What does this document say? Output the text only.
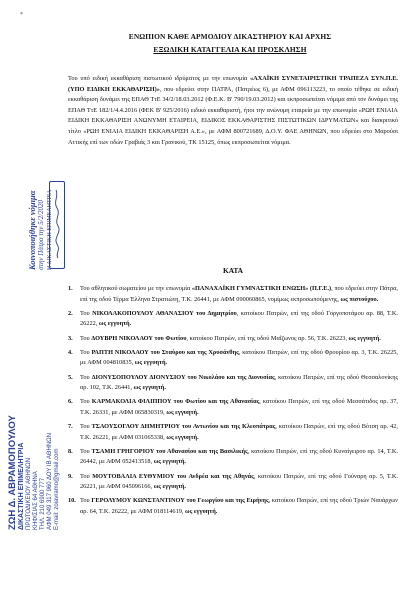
*
ΕΝΩΠΙΟΝ ΚΑΘΕ ΑΡΜΟΔΙΟΥ ΔΙΚΑΣΤΗΡΙΟΥ ΚΑΙ ΑΡΧΗΣ
ΕΞΩΔΙΚΗ ΚΑΤΑΓΓΕΛΙΑ ΚΑΙ ΠΡΟΣΚΛΗΣΗ
Του υπό ειδική εκκαθάριση πιστωτικού ιδρύματος με την επωνυμία «ΑΧΑΪΚΗ ΣΥΝΕΤΑΙΡΙΣΤΙΚΗ ΤΡΑΠΕΖΑ ΣΥΝ.Π.Ε. (ΥΠΟ ΕΙΔΙΚΗ ΕΚΚΑΘΑΡΙΣΗ)», που εδρεύει στην ΠΑΤΡΑ, (Πατρέως 6), με ΑΦΜ 096113223, το οποίο τέθηκε σε ειδική εκκαθάριση δυνάμει της ΕΠΑΘ ΤτΕ 34/2/18.03.2012 (Φ.Ε.Κ. Β' 790/19.03.2012) και εκπροσωπείται νόμιμα από τον δυνάμει της ΕΠΑΘ ΤτΕ 182/1/4.4.2016 (ΦΕΚ Β' 925/2016) ειδικό εκκαθαριστή, ήτοι την ανώνυμη εταιρεία με την επωνυμία «ΡΩΗ ΕΝΙΑΙΑ ΕΙΔΙΚΗ ΕΚΚΑΘΑΡΙΣΗ ΑΝΩΝΥΜΗ ΕΤΑΙΡΕΙΑ, ΕΙΔΙΚΟΣ ΕΚΚΑΘΑΡΙΣΤΗΣ ΠΙΣΤΩΤΙΚΩΝ ΙΔΡΥΜΑΤΩΝ» και διακριτικό τίτλο «ΡΩΗ ΕΝΙΑΙΑ ΕΙΔΙΚΗ ΕΚΚΑΘΑΡΙΣΗ Α.Ε.», με ΑΦΜ 800721689, Δ.Ο.Υ. ΦΑΕ ΑΘΗΝΩΝ, που εδρεύει στο Μαρούσι Αττικής επί των οδών Γραβιάς 3 και Γρανικού, ΤΚ 15125, όπως εκπροσωπείται νόμιμα.
ΚΑΤΑ
1.	Του αθλητικού σωματείου με την επωνυμία «ΠΑΝΑΧΑΪΚΗ ΓΥΜΝΑΣΤΙΚΗ ΕΝΩΣΗ» (Π.Γ.Ε.), που εδρεύει στην Πάτρα, επί της οδού Τέρμα Έλληνα Στρατιώτη, Τ.Κ. 26441, με ΑΦΜ 090060865, νομίμως εκπροσωπούμενης, ως πιστούχου.
2.	Του ΝΙΚΟΛΑΚΟΠΟΥΛΟΥ ΑΘΑΝΑΣΙΟΥ του Δημητρίου, κατοίκου Πατρών, επί της οδού Γοργοποτάμου αρ. 88, Τ.Κ. 26222, ως εγγυητή.
3.	Του ΔΟΥΒΡΗ ΝΙΚΟΛΑΟΥ του Φωτίου, κατοίκου Πατρών, επί της οδού Μαΐζωνος αρ. 56, Τ.Κ. 26223, ως εγγυητή.
4.	Του ΡΑΠΤΗ ΝΙΚΟΛΑΟΥ του Σταύρου και της Χρυσάνθης, κατοίκου Πατρών, επί της οδού Φρουρίου αρ. 3, Τ.Κ. 26225, με ΑΦΜ 004810835, ως εγγυητή.
5.	Του ΔΙΟΝΥΣΟΠΟΥΛΟΥ ΔΙΟΝΥΣΙΟΥ του Νικολάου και της Διονυσίας, κατοίκου Πατρών, επί της οδού Θεσσαλονίκης αρ. 102, Τ.Κ. 26441, ως εγγυητή.
6.	Του ΚΑΡΜΑΚΟΛΙΑ ΦΙΛΙΠΠΟΥ του Φωτίου και της Αθανασίας, κατοίκου Πατρών, επί της οδού Μεσσάτιδος αρ. 37, Τ.Κ. 26331, με ΑΦΜ 065830319, ως εγγυητή.
7.	Του ΤΣΑΟΥΣΟΓΛΟΥ ΔΗΜΗΤΡΙΟΥ του Αντωνίου και της Κλεοπάτρας, κατοίκου Πατρών, επί της οδού Βότση αρ. 42, Τ.Κ. 26221, με ΑΦΜ 031065338, ως εγγυητή.
8.	Του ΤΣΑΜΗ ΓΡΗΓΟΡΙΟΥ του Αθανασίου και της Βασιλικής, κατοίκου Πατρών, επί της οδού Κυναίγειρου αρ. 14, Τ.Κ. 26442, με ΑΦΜ 052413518, ως εγγυητή.
9.	Του ΜΟΥΤΟΒΑΛΙΑ ΕΥΘΥΜΙΟΥ του Ανδρέα και της Αθηνάς, κατοίκου Πατρών, επί της οδού Γούναρη αρ. 5, Τ.Κ. 26221, με ΑΦΜ 045096166, ως εγγυητή.
10. Του ΓΕΡΟΛΥΜΟΥ ΚΩΝΣΤΑΝΤΙΝΟΥ του Γεωργίου και της Ειρήνης, κατοίκου Πατρών, επί της οδού Τριών Ναυάρχων αρ. 64, Τ.Κ. 26222, με ΑΦΜ 018114619, ως εγγυητή.
ΖΩΗ Δ. ΑΒΡΑΜΟΠΟΥΛΟΥ ΔΙΚΑΣΤΙΚΗ ΕΠΙΜΕΛΗΤΡΙΑ ΠΡΩΤΟΔΙΚΕΙΟΥ ΑΘΗΝΩΝ ΚΗΦΙΣΙΑΣ 64 ΑΘΗΝΑ ΤΗΛ. 210 6900 777 ΑΦΜ 049 317 960 ΔΟΥ ΙΒ ΑΘΗΝΩΝ E-mail: zoiavramo@gmail.com
Κοινοποιήθηκε νόμιμα στην Πάτρα την 5/2/2020 Η ΔΙΚΑΣΤΙΚΗ ΕΠΙΜΕΛΗΤΡΙΑ
